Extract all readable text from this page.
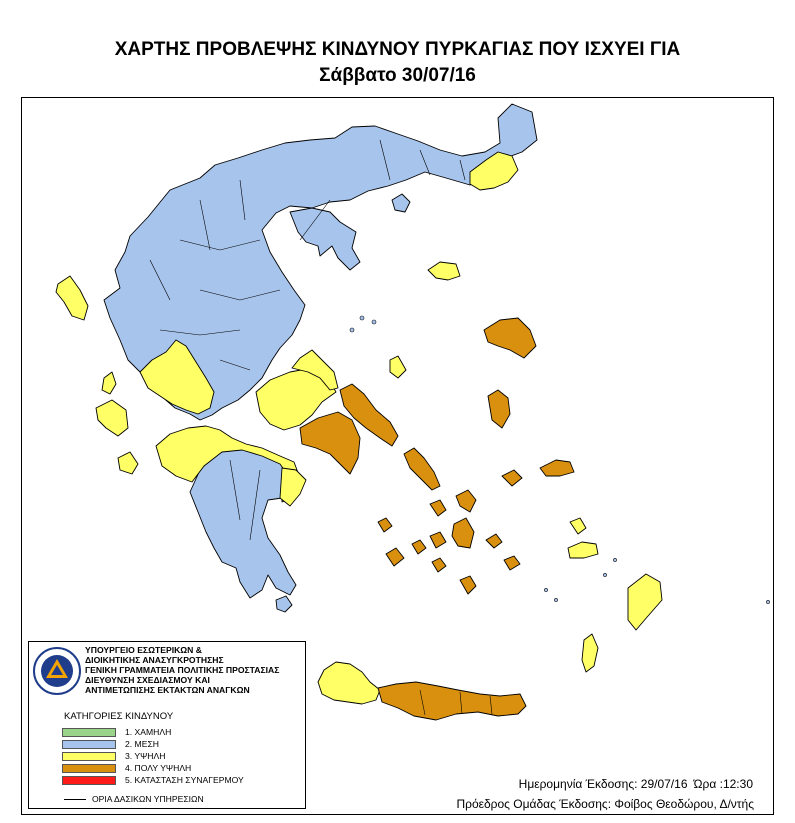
ΧΑΡΤΗΣ ΠΡΟΒΛΕΨΗΣ ΚΙΝΔΥΝΟΥ ΠΥΡΚΑΓΙΑΣ ΠΟΥ ΙΣΧΥΕΙ ΓΙΑ
Σάββατο 30/07/16
ΥΠΟΥΡΓΕΙΟ ΕΣΩΤΕΡΙΚΩΝ &
ΔΙΟΙΚΗΤΙΚΗΣ ΑΝΑΣΥΓΚΡΟΤΗΣΗΣ
ΓΕΝΙΚΗ ΓΡΑΜΜΑΤΕΙΑ ΠΟΛΙΤΙΚΗΣ ΠΡΟΣΤΑΣΙΑΣ
ΔΙΕΥΘΥΝΣΗ ΣΧΕΔΙΑΣΜΟΥ ΚΑΙ
ΑΝΤΙΜΕΤΩΠΙΣΗΣ ΕΚΤΑΚΤΩΝ ΑΝΑΓΚΩΝ
ΚΑΤΗΓΟΡΙΕΣ ΚΙΝΔΥΝΟΥ
1. ΧΑΜΗΛΗ
2. ΜΕΣΗ
3. ΥΨΗΛΗ
4. ΠΟΛΥ ΥΨΗΛΗ
5. ΚΑΤΑΣΤΑΣΗ ΣΥΝΑΓΕΡΜΟΥ
ΟΡΙΑ ΔΑΣΙΚΩΝ ΥΠΗΡΕΣΙΩΝ
Ημερομηνία Έκδοσης: 29/07/16 Ώρα :12:30
Πρόεδρος Ομάδας Έκδοσης: Φοίβος Θεοδώρου, Δ/ντής
